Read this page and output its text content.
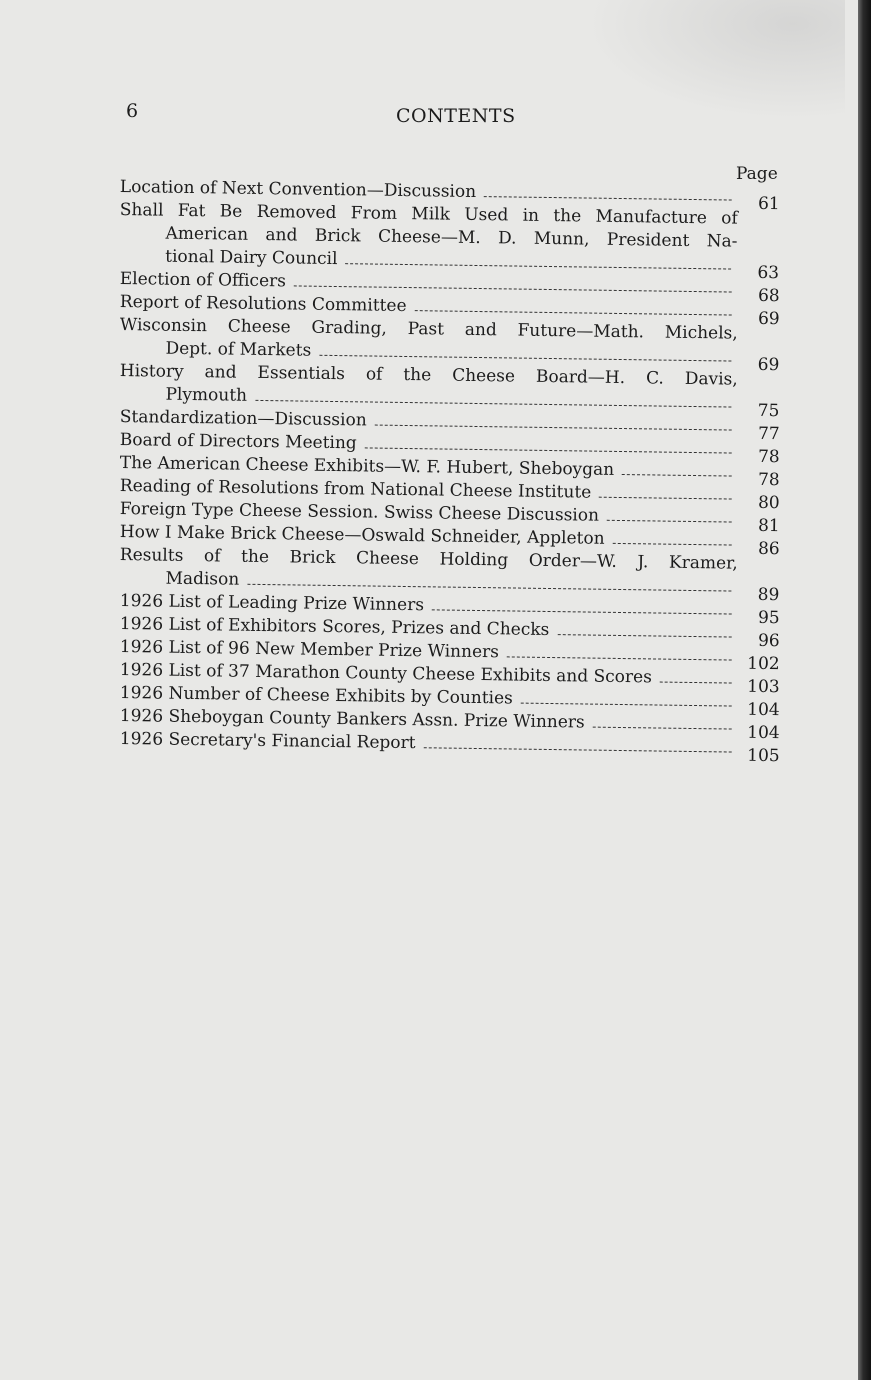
6	CONTENTS
Page
Location of Next Convention—Discussion
61
Shall Fat Be Removed From Milk Used in the Manufacture of
American and Brick Cheese—M. D. Munn, President Na-
tional Dairy Council
63
Election of Officers
68
Report of Resolutions Committee
69
Wisconsin Cheese Grading, Past and Future—Math. Michels,
Dept. of Markets
69
History and Essentials of the Cheese Board—H. C. Davis,
Plymouth
75
Standardization—Discussion
77
Board of Directors Meeting
78
The American Cheese Exhibits—W. F. Hubert, Sheboygan
78
Reading of Resolutions from National Cheese Institute
80
Foreign Type Cheese Session. Swiss Cheese Discussion
81
How I Make Brick Cheese—Oswald Schneider, Appleton
86
Results of the Brick Cheese Holding Order—W. J. Kramer,
Madison
89
1926 List of Leading Prize Winners
95
1926 List of Exhibitors Scores, Prizes and Checks
96
1926 List of 96 New Member Prize Winners
102
1926 List of 37 Marathon County Cheese Exhibits and Scores	103
1926 Number of Cheese Exhibits by Counties
104
1926 Sheboygan County Bankers Assn. Prize Winners
104
1926 Secretary's Financial Report
105
